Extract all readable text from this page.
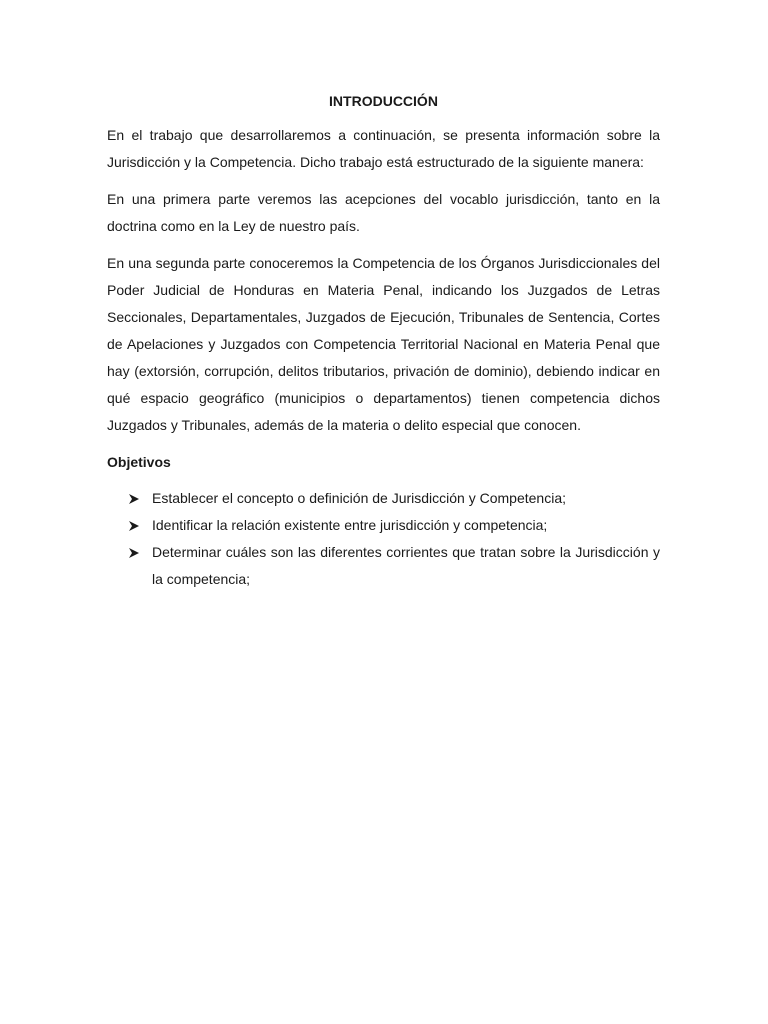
INTRODUCCIÓN

En el trabajo que desarrollaremos a continuación, se presenta información sobre la Jurisdicción y la Competencia. Dicho trabajo está estructurado de la siguiente manera:

En una primera parte veremos las acepciones del vocablo jurisdicción, tanto en la doctrina como en la Ley de nuestro país.

En una segunda parte conoceremos la Competencia de los Órganos Jurisdiccionales del Poder Judicial de Honduras en Materia Penal, indicando los Juzgados de Letras Seccionales, Departamentales, Juzgados de Ejecución, Tribunales de Sentencia, Cortes de Apelaciones y Juzgados con Competencia Territorial Nacional en Materia Penal que hay (extorsión, corrupción, delitos tributarios, privación de dominio), debiendo indicar en qué espacio geográfico (municipios o departamentos) tienen competencia dichos Juzgados y Tribunales, además de la materia o delito especial que conocen.

Objetivos
Establecer el concepto o definición de Jurisdicción y Competencia;
Identificar la relación existente entre jurisdicción y competencia;
Determinar cuáles son las diferentes corrientes que tratan sobre la Jurisdicción y la competencia;
